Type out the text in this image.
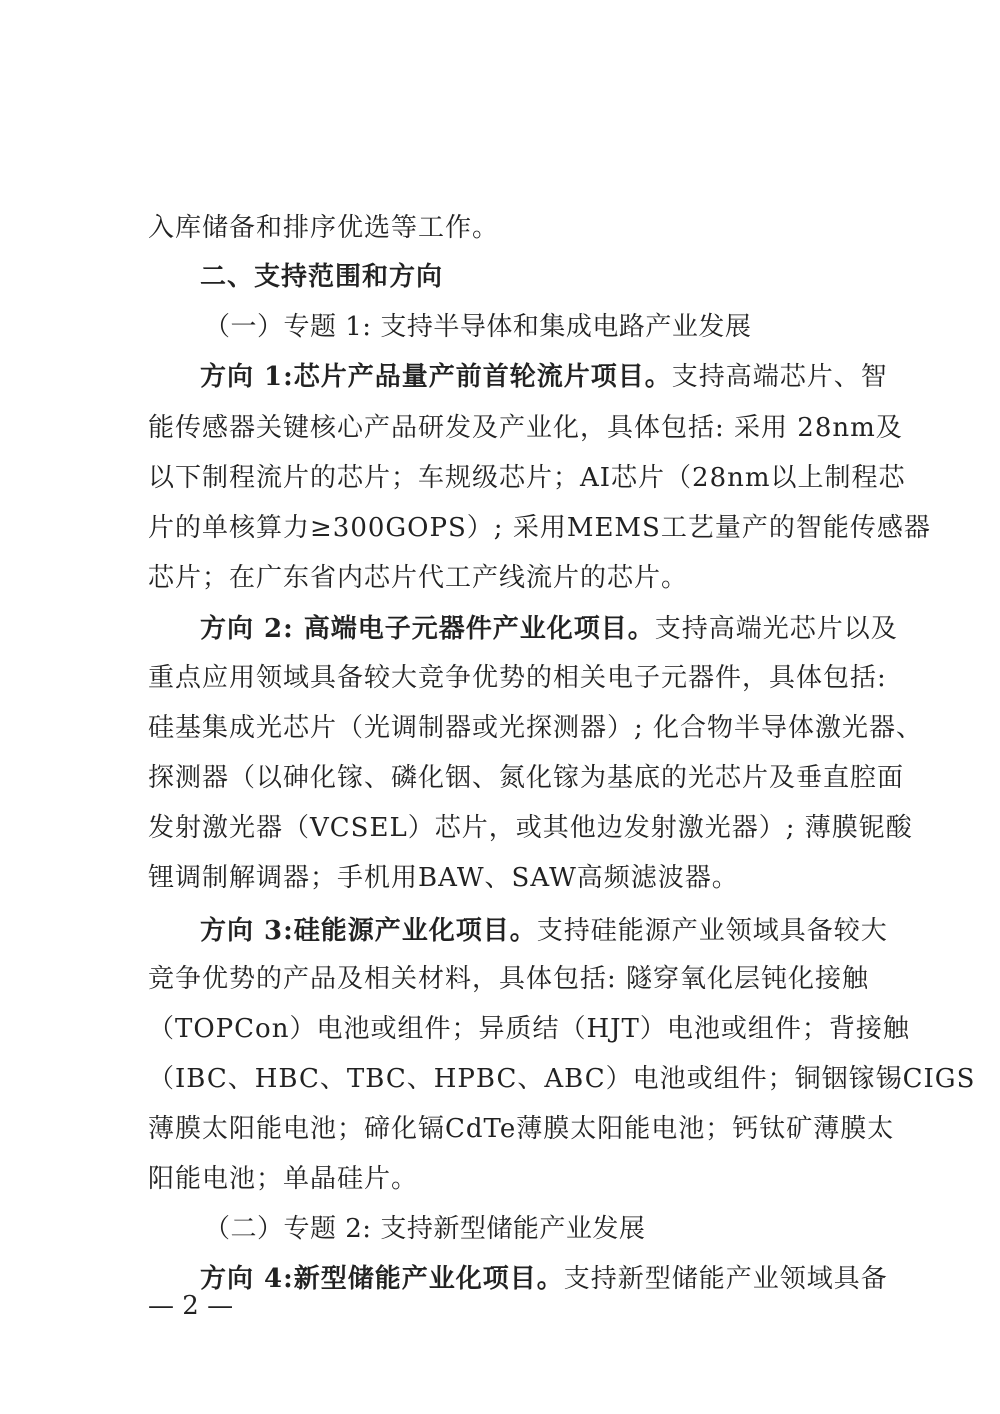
入库储备和排序优选等工作。
二、支持范围和方向
（一）专题 1: 支持半导体和集成电路产业发展
方向 1:芯片产品量产前首轮流片项目。支持高端芯片、智
能传感器关键核心产品研发及产业化，具体包括: 采用 28nm及
以下制程流片的芯片；车规级芯片；AI芯片（28nm以上制程芯
片的单核算力≥300GOPS）; 采用MEMS工艺量产的智能传感器
芯片；在广东省内芯片代工产线流片的芯片。
方向 2: 高端电子元器件产业化项目。支持高端光芯片以及
重点应用领域具备较大竞争优势的相关电子元器件，具体包括:
硅基集成光芯片（光调制器或光探测器）; 化合物半导体激光器、
探测器（以砷化镓、磷化铟、氮化镓为基底的光芯片及垂直腔面
发射激光器（VCSEL）芯片，或其他边发射激光器）; 薄膜铌酸
锂调制解调器；手机用BAW、SAW高频滤波器。
方向 3:硅能源产业化项目。支持硅能源产业领域具备较大
竞争优势的产品及相关材料，具体包括: 隧穿氧化层钝化接触
（TOPCon）电池或组件；异质结（HJT）电池或组件；背接触
（IBC、HBC、TBC、HPBC、ABC）电池或组件；铜铟镓锡CIGS
薄膜太阳能电池；碲化镉CdTe薄膜太阳能电池；钙钛矿薄膜太
阳能电池；单晶硅片。
（二）专题 2: 支持新型储能产业发展
方向 4:新型储能产业化项目。支持新型储能产业领域具备
— 2 —
